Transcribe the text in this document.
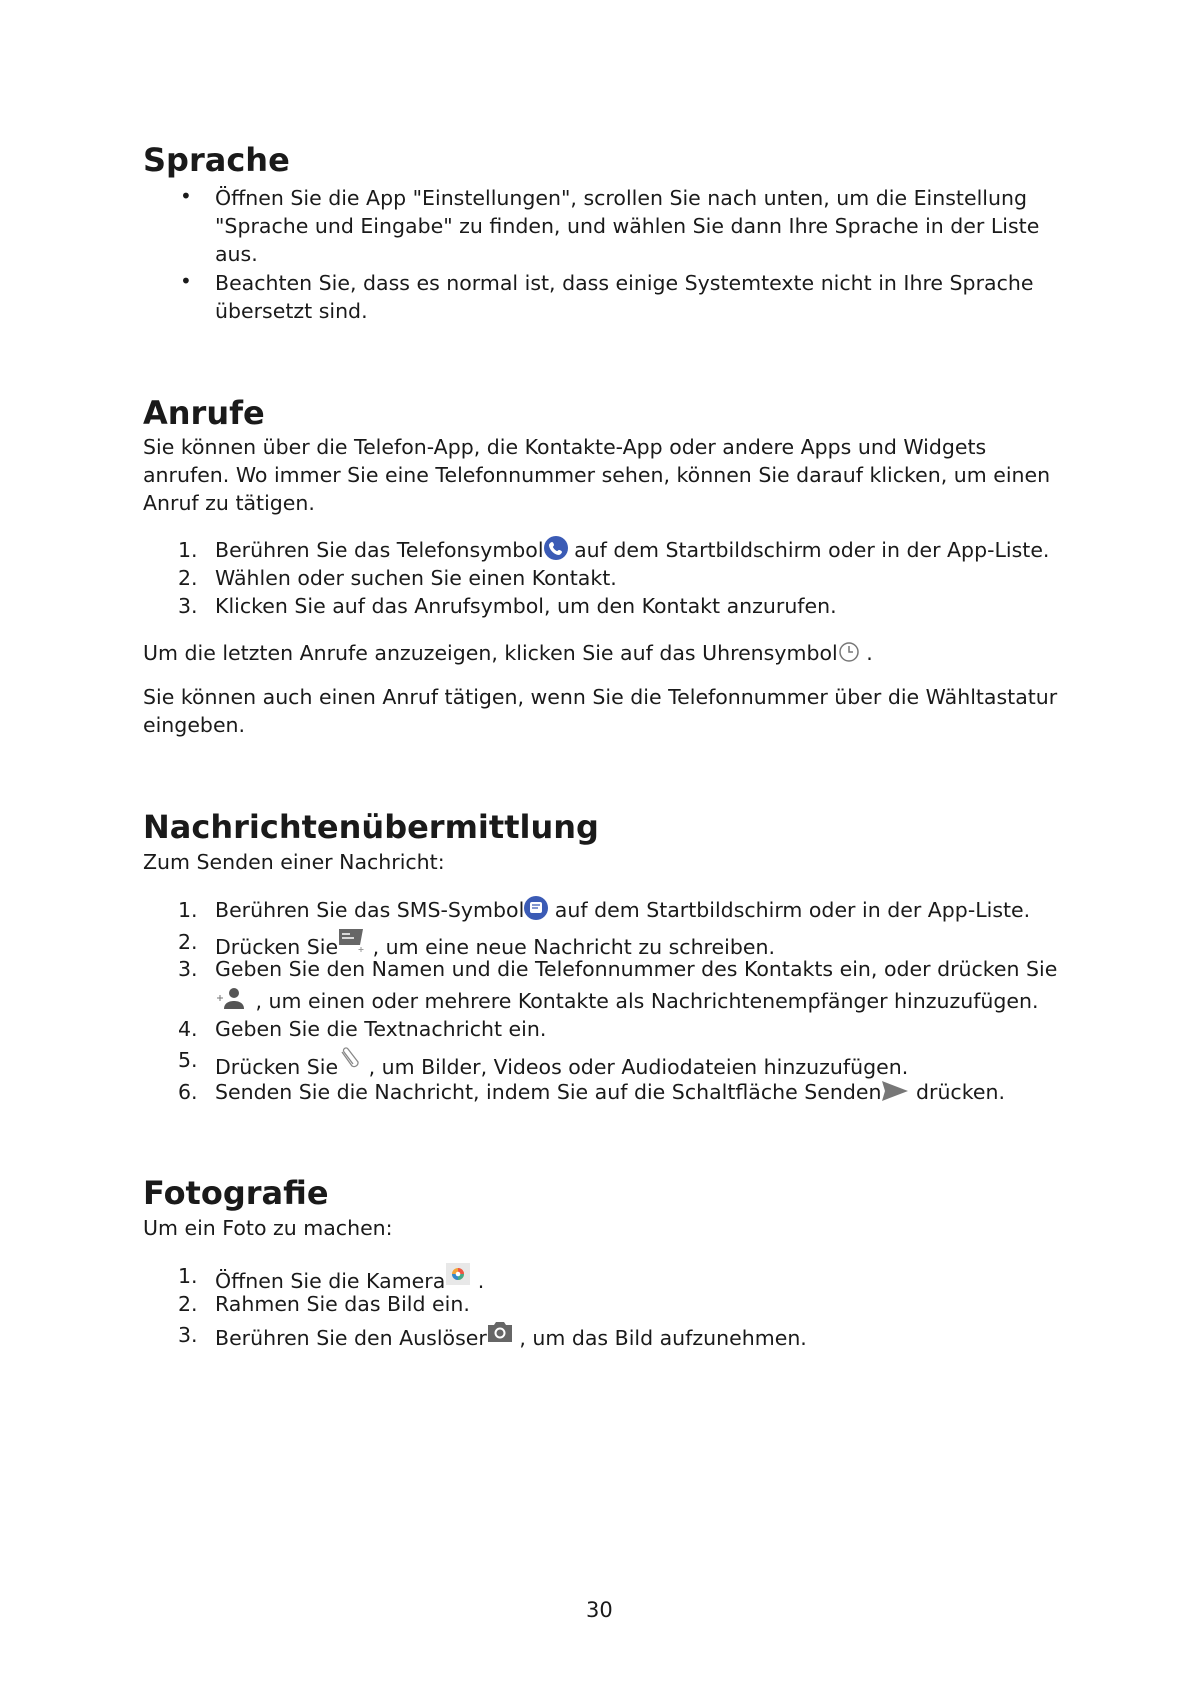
Sprache
• Öffnen Sie die App "Einstellungen", scrollen Sie nach unten, um die Einstellung
"Sprache und Eingabe" zu finden, und wählen Sie dann Ihre Sprache in der Liste
aus.
• Beachten Sie, dass es normal ist, dass einige Systemtexte nicht in Ihre Sprache
übersetzt sind.
Anrufe
Sie können über die Telefon-App, die Kontakte-App oder andere Apps und Widgets
anrufen. Wo immer Sie eine Telefonnummer sehen, können Sie darauf klicken, um einen
Anruf zu tätigen.
1. Berühren Sie das Telefonsymbol auf dem Startbildschirm oder in der App-Liste.
2. Wählen oder suchen Sie einen Kontakt.
3. Klicken Sie auf das Anrufsymbol, um den Kontakt anzurufen.
Um die letzten Anrufe anzuzeigen, klicken Sie auf das Uhrensymbol .
Sie können auch einen Anruf tätigen, wenn Sie die Telefonnummer über die Wähltastatur
eingeben.
Nachrichtenübermittlung
Zum Senden einer Nachricht:
1. Berühren Sie das SMS-Symbol auf dem Startbildschirm oder in der App-Liste.
2. Drücken Sie , um eine neue Nachricht zu schreiben.
3. Geben Sie den Namen und die Telefonnummer des Kontakts ein, oder drücken Sie
, um einen oder mehrere Kontakte als Nachrichtenempfänger hinzuzufügen.
4. Geben Sie die Textnachricht ein.
5. Drücken Sie , um Bilder, Videos oder Audiodateien hinzuzufügen.
6. Senden Sie die Nachricht, indem Sie auf die Schaltfläche Senden drücken.
Fotografie
Um ein Foto zu machen:
1. Öffnen Sie die Kamera .
2. Rahmen Sie das Bild ein.
3. Berühren Sie den Auslöser , um das Bild aufzunehmen.
30
